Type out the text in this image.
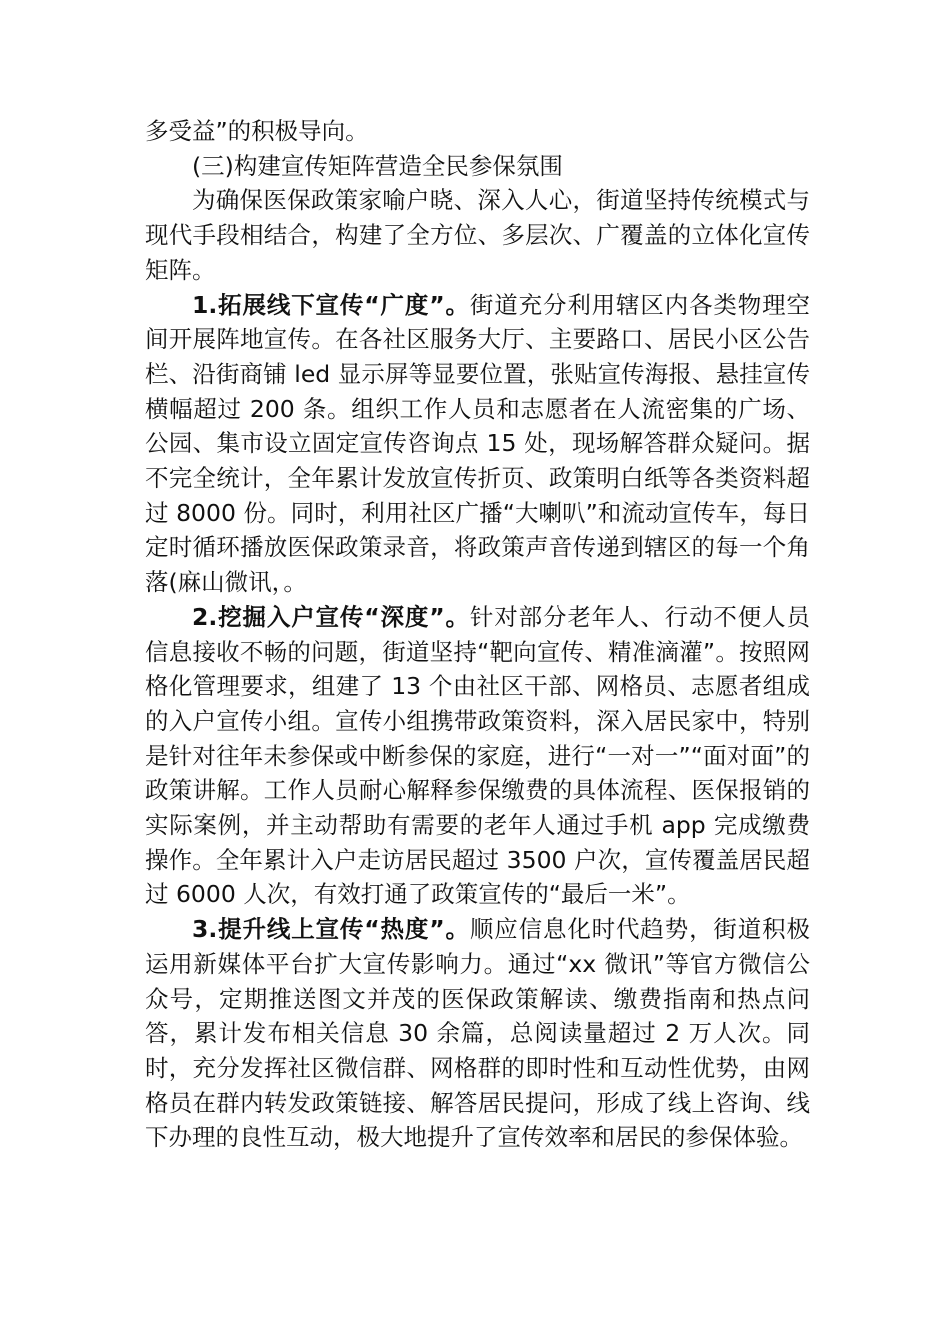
多受益”的积极导向。

(三)构建宣传矩阵营造全民参保氛围

为确保医保政策家喻户晓、深入人心，街道坚持传统模式与现代手段相结合，构建了全方位、多层次、广覆盖的立体化宣传矩阵。

1.拓展线下宣传“广度”。街道充分利用辖区内各类物理空间开展阵地宣传。在各社区服务大厅、主要路口、居民小区公告栏、沿街商铺 led 显示屏等显要位置，张贴宣传海报、悬挂宣传横幅超过 200 条。组织工作人员和志愿者在人流密集的广场、公园、集市设立固定宣传咨询点 15 处，现场解答群众疑问。据不完全统计，全年累计发放宣传折页、政策明白纸等各类资料超过 8000 份。同时，利用社区广播“大喇叭”和流动宣传车，每日定时循环播放医保政策录音，将政策声音传递到辖区的每一个角落(麻山微讯，。

2.挖掘入户宣传“深度”。针对部分老年人、行动不便人员信息接收不畅的问题，街道坚持“靶向宣传、精准滴灌”。按照网格化管理要求，组建了 13 个由社区干部、网格员、志愿者组成的入户宣传小组。宣传小组携带政策资料，深入居民家中，特别是针对往年未参保或中断参保的家庭，进行“一对一”“面对面”的政策讲解。工作人员耐心解释参保缴费的具体流程、医保报销的实际案例，并主动帮助有需要的老年人通过手机 app 完成缴费操作。全年累计入户走访居民超过 3500 户次，宣传覆盖居民超过 6000 人次，有效打通了政策宣传的“最后一米”。

3.提升线上宣传“热度”。顺应信息化时代趋势，街道积极运用新媒体平台扩大宣传影响力。通过“xx 微讯”等官方微信公众号，定期推送图文并茂的医保政策解读、缴费指南和热点问答，累计发布相关信息 30 余篇，总阅读量超过 2 万人次。同时，充分发挥社区微信群、网格群的即时性和互动性优势，由网格员在群内转发政策链接、解答居民提问，形成了线上咨询、线下办理的良性互动，极大地提升了宣传效率和居民的参保体验。
